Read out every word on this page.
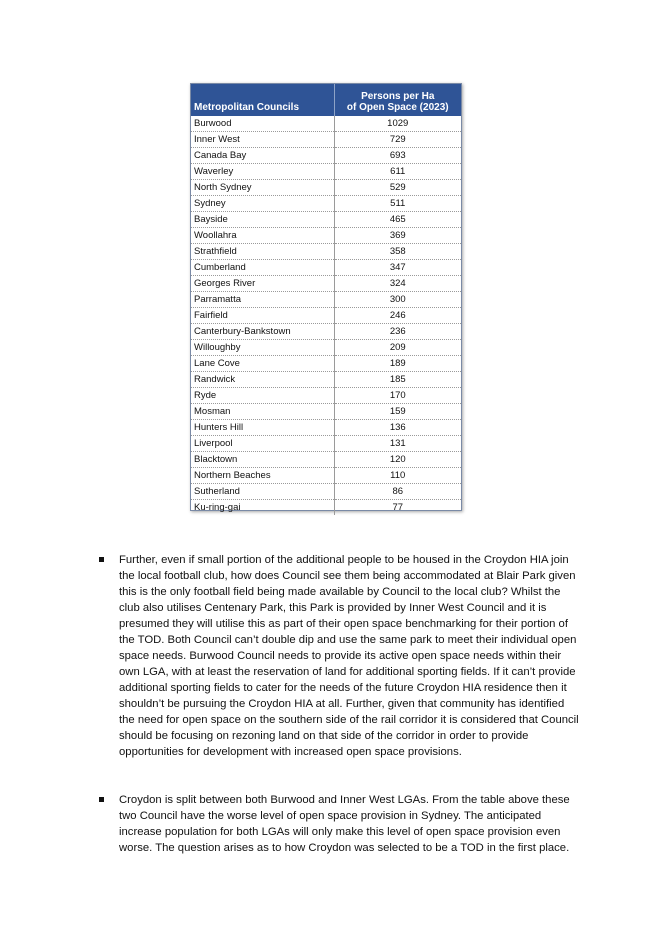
Metropolitan Councils	Persons per Ha
of Open Space (2023)
Burwood	1029
Inner West	729
Canada Bay	693
Waverley	611
North Sydney	529
Sydney	511
Bayside	465
Woollahra	369
Strathfield	358
Cumberland	347
Georges River	324
Parramatta	300
Fairfield	246
Canterbury-Bankstown	236
Willoughby	209
Lane Cove	189
Randwick	185
Ryde	170
Mosman	159
Hunters Hill	136
Liverpool	131
Blacktown	120
Northern Beaches	110
Sutherland	86
Ku-ring-gai	77
Further, even if small portion of the additional people to be housed in the Croydon HIA join the local football club, how does Council see them being accommodated at Blair Park given this is the only football field being made available by Council to the local club? Whilst the club also utilises Centenary Park, this Park is provided by Inner West Council and it is presumed they will utilise this as part of their open space benchmarking for their portion of the TOD. Both Council can’t double dip and use the same park to meet their individual open space needs. Burwood Council needs to provide its active open space needs within their own LGA, with at least the reservation of land for additional sporting fields. If it can’t provide additional sporting fields to cater for the needs of the future Croydon HIA residence then it shouldn’t be pursuing the Croydon HIA at all. Further, given that community has identified the need for open space on the southern side of the rail corridor it is considered that Council should be focusing on rezoning land on that side of the corridor in order to provide opportunities for development with increased open space provisions.
Croydon is split between both Burwood and Inner West LGAs. From the table above these two Council have the worse level of open space provision in Sydney. The anticipated increase population for both LGAs will only make this level of open space provision even worse. The question arises as to how Croydon was selected to be a TOD in the first place.
